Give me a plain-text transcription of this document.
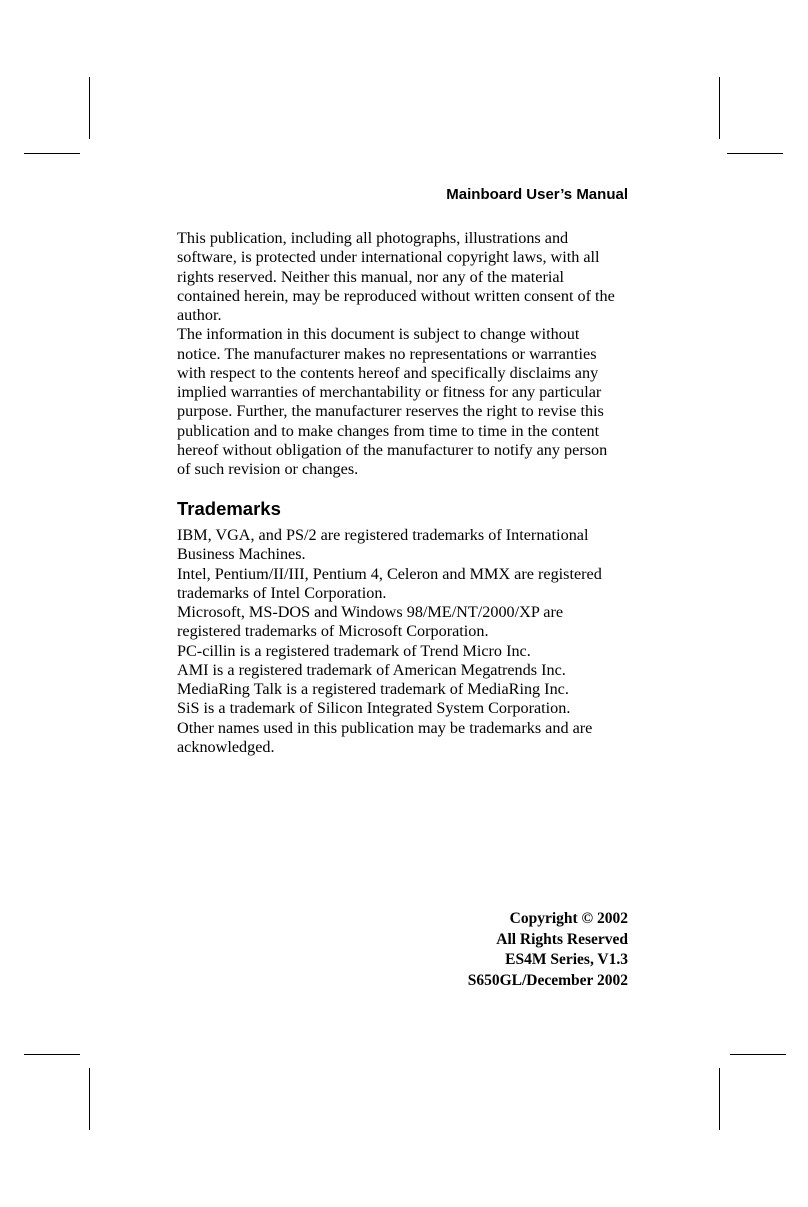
Mainboard User’s Manual

This publication, including all photographs, illustrations and

software, is protected under international copyright laws, with all

rights reserved. Neither this manual, nor any of the material

contained herein, may be reproduced without written consent of the

author.

The information in this document is subject to change without

notice. The manufacturer makes no representations or warranties

with respect to the contents hereof and specifically disclaims any

implied warranties of merchantability or fitness for any particular

purpose. Further, the manufacturer reserves the right to revise this

publication and to make changes from time to time in the content

hereof without obligation of the manufacturer to notify any person

of such revision or changes.

Trademarks

IBM, VGA, and PS/2 are registered trademarks of International

Business Machines.

Intel, Pentium/II/III, Pentium 4, Celeron and MMX are registered

trademarks of Intel Corporation.

Microsoft, MS-DOS and Windows 98/ME/NT/2000/XP are

registered trademarks of Microsoft Corporation.

PC-cillin is a registered trademark of Trend Micro Inc.

AMI is a registered trademark of American Megatrends Inc.

MediaRing Talk is a registered trademark of MediaRing Inc.

SiS is a trademark of Silicon Integrated System Corporation.

Other names used in this publication may be trademarks and are

acknowledged.

Copyright © 2002
All Rights Reserved
ES4M Series, V1.3
S650GL/December 2002
